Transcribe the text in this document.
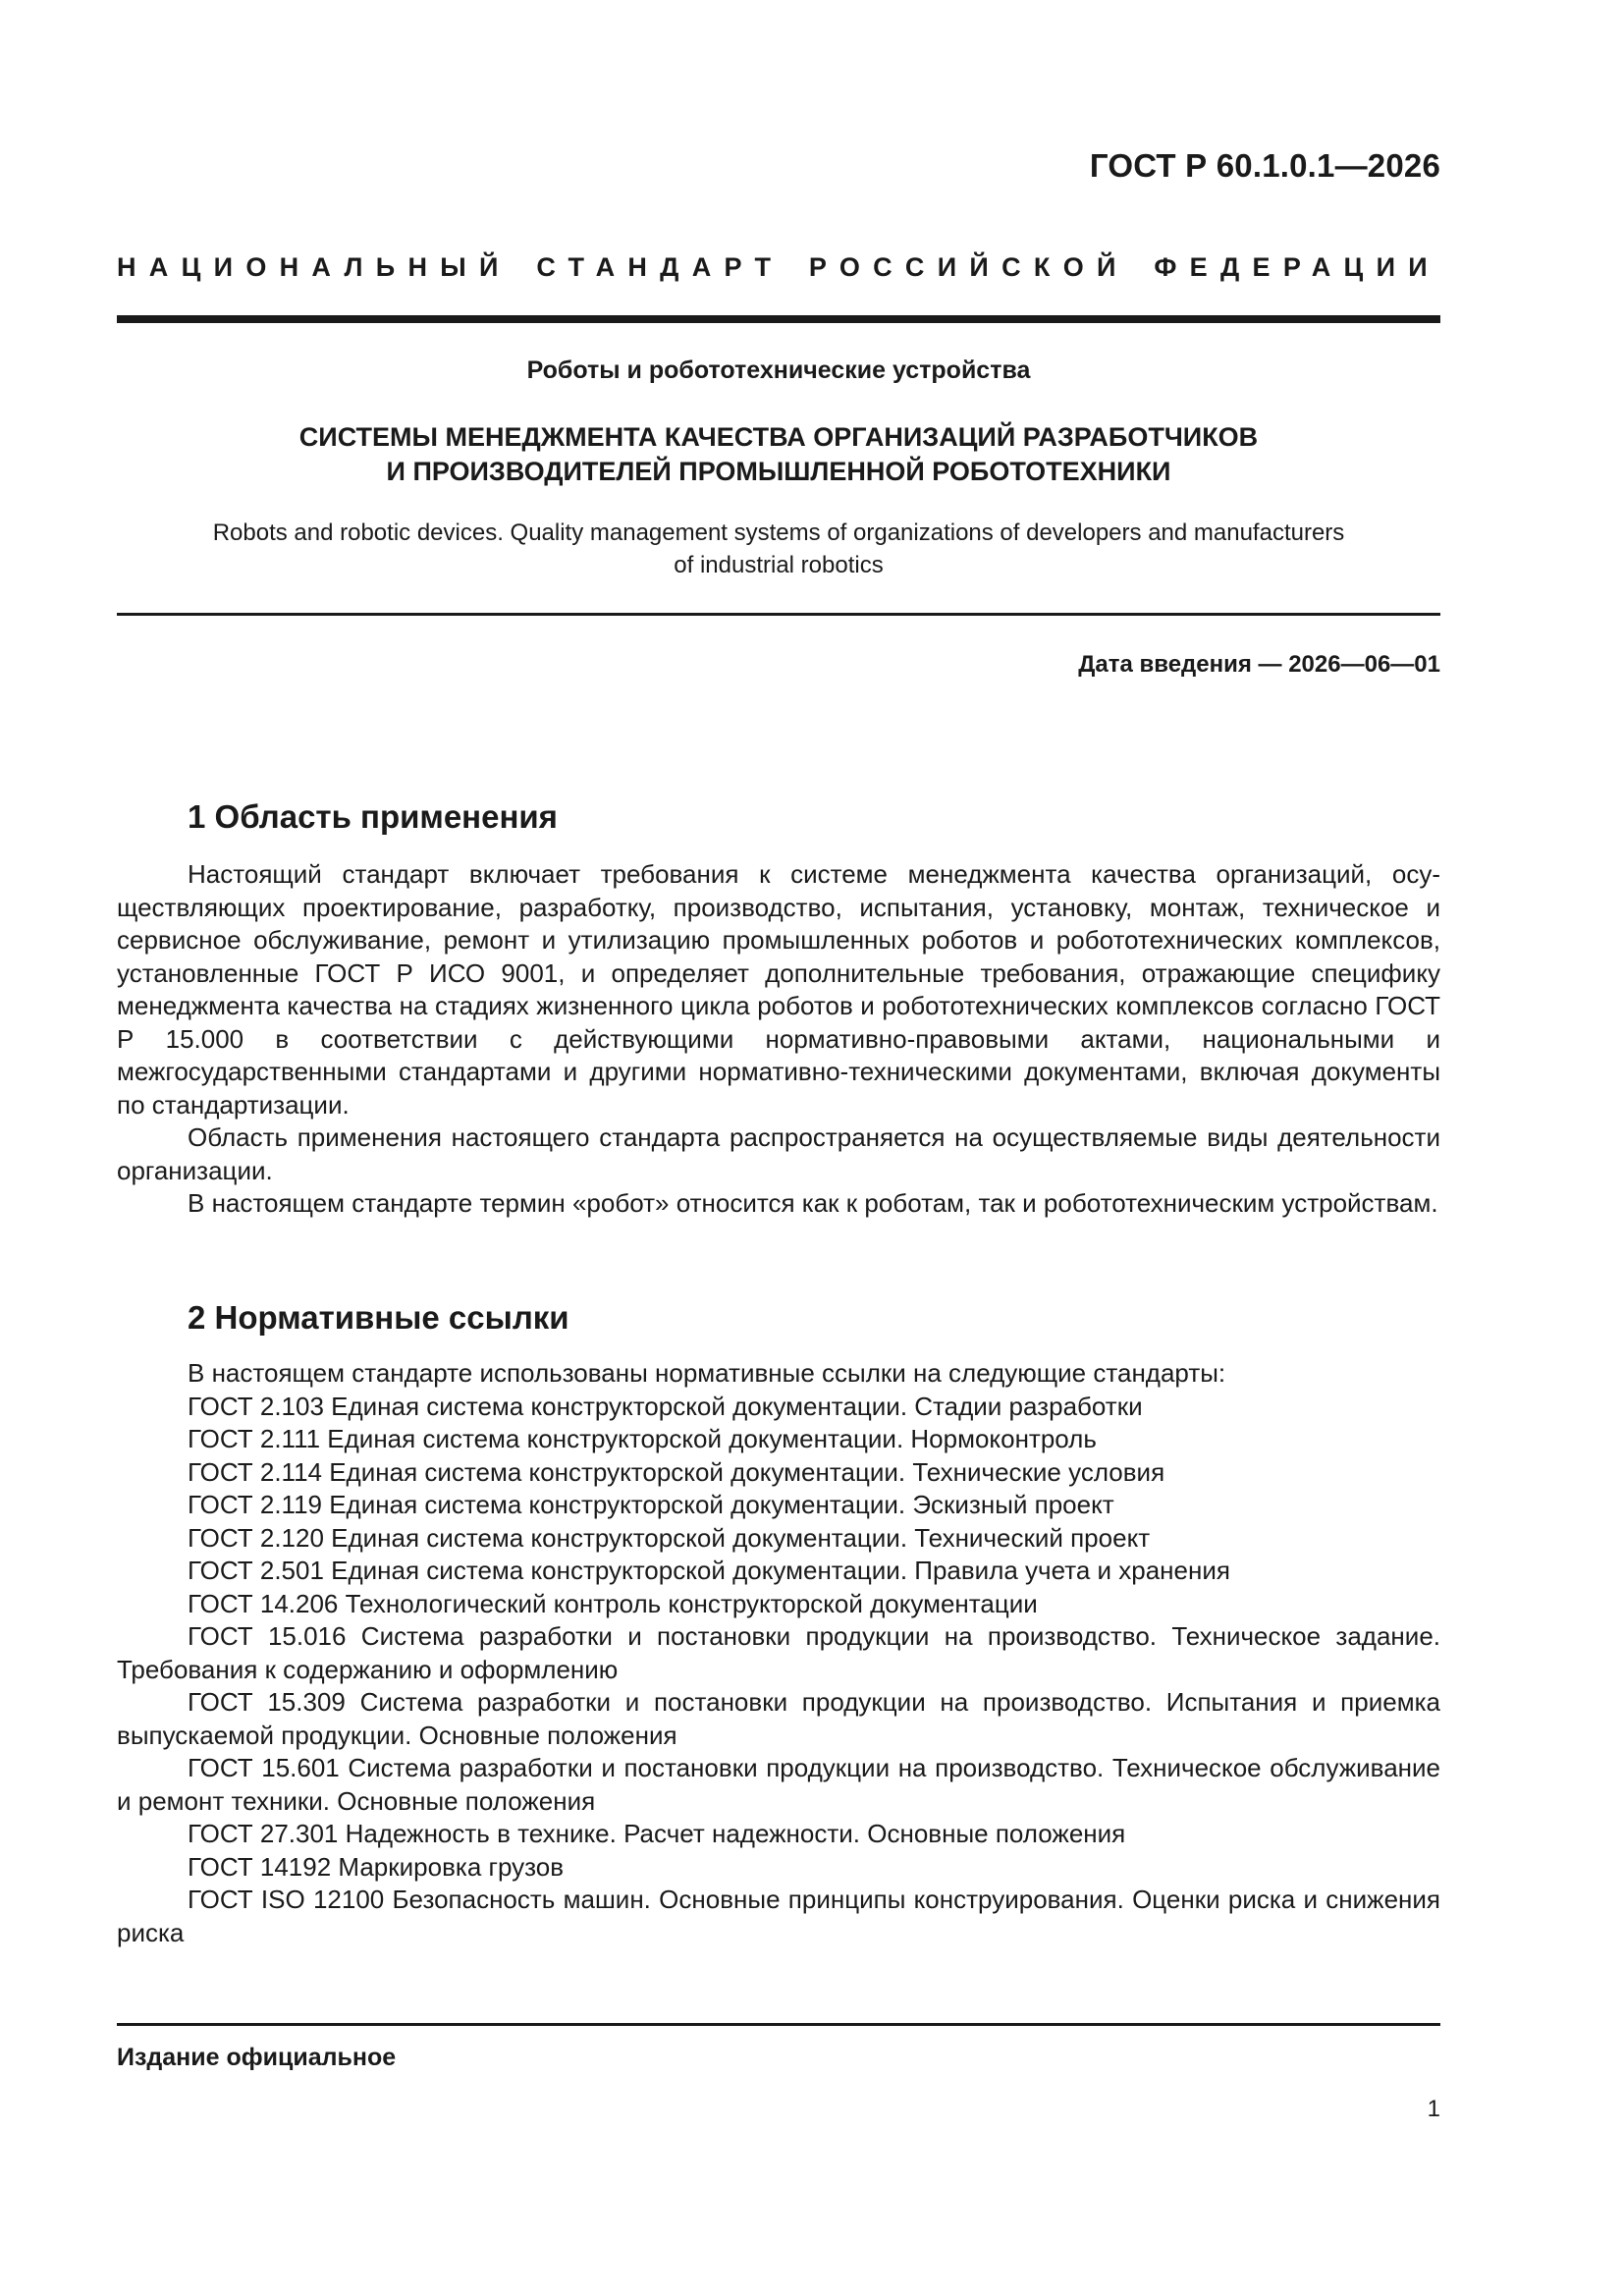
ГОСТ Р 60.1.0.1—2026
НАЦИОНАЛЬНЫЙ СТАНДАРТ РОССИЙСКОЙ ФЕДЕРАЦИИ
Роботы и робототехнические устройства
СИСТЕМЫ МЕНЕДЖМЕНТА КАЧЕСТВА ОРГАНИЗАЦИЙ РАЗРАБОТЧИКОВ
И ПРОИЗВОДИТЕЛЕЙ ПРОМЫШЛЕННОЙ РОБОТОТЕХНИКИ
Robots and robotic devices. Quality management systems of organizations of developers and manufacturers
of industrial robotics
Дата введения — 2026—06—01
1 Область применения

Настоящий стандарт включает требования к системе менеджмента качества организаций, осуществляющих проектирование, разработку, производство, испытания, установку, монтаж, техническое и сервисное обслуживание, ремонт и утилизацию промышленных роботов и робототехнических комплексов, установленные ГОСТ Р ИСО 9001, и определяет дополнительные требования, отражающие специфику менеджмента качества на стадиях жизненного цикла роботов и робототехнических комплексов согласно ГОСТ Р 15.000 в соответствии с действующими нормативно-правовыми актами, национальными и межгосударственными стандартами и другими нормативно-техническими документами, включая документы по стандартизации.

Область применения настоящего стандарта распространяется на осуществляемые виды деятельности организации.

В настоящем стандарте термин «робот» относится как к роботам, так и робототехническим устройствам.

2 Нормативные ссылки

В настоящем стандарте использованы нормативные ссылки на следующие стандарты:

ГОСТ 2.103 Единая система конструкторской документации. Стадии разработки
ГОСТ 2.111 Единая система конструкторской документации. Нормоконтроль
ГОСТ 2.114 Единая система конструкторской документации. Технические условия
ГОСТ 2.119 Единая система конструкторской документации. Эскизный проект
ГОСТ 2.120 Единая система конструкторской документации. Технический проект
ГОСТ 2.501 Единая система конструкторской документации. Правила учета и хранения
ГОСТ 14.206 Технологический контроль конструкторской документации
ГОСТ 15.016 Система разработки и постановки продукции на производство. Техническое задание. Требования к содержанию и оформлению
ГОСТ 15.309 Система разработки и постановки продукции на производство. Испытания и приемка выпускаемой продукции. Основные положения
ГОСТ 15.601 Система разработки и постановки продукции на производство. Техническое обслуживание и ремонт техники. Основные положения
ГОСТ 27.301 Надежность в технике. Расчет надежности. Основные положения
ГОСТ 14192 Маркировка грузов
ГОСТ ISO 12100 Безопасность машин. Основные принципы конструирования. Оценки риска и снижения риска
Издание официальное
1
